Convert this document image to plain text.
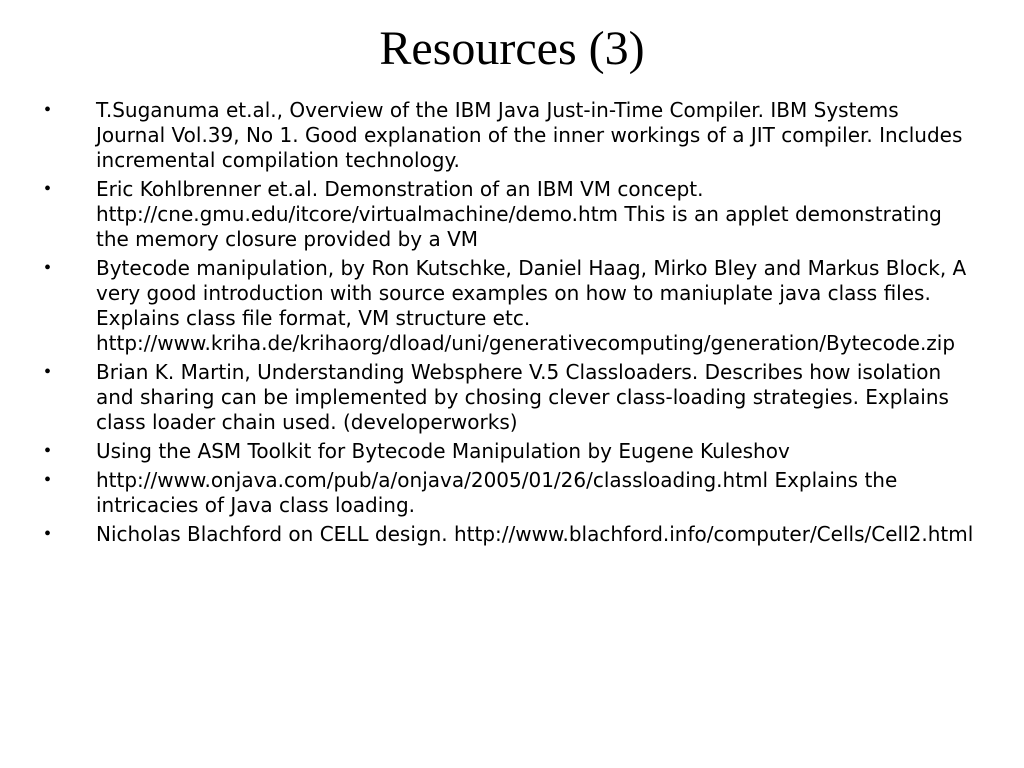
Resources (3)
•	T.Suganuma et.al., Overview of the IBM Java Just-in-Time Compiler. IBM Systems Journal Vol.39, No 1. Good explanation of the inner workings of a JIT compiler. Includes incremental compilation technology.
•	Eric Kohlbrenner et.al. Demonstration of an IBM VM concept. http://cne.gmu.edu/itcore/virtualmachine/demo.htm This is an applet demonstrating the memory closure provided by a VM
•	Bytecode manipulation, by Ron Kutschke, Daniel Haag, Mirko Bley and Markus Block, A very good introduction with source examples on how to maniuplate java class files. Explains class file format, VM structure etc. http://www.kriha.de/krihaorg/dload/uni/generativecomputing/generation/Bytecode.zip
•	Brian K. Martin, Understanding Websphere V.5 Classloaders. Describes how isolation and sharing can be implemented by chosing clever class-loading strategies. Explains class loader chain used. (developerworks)
•	Using the ASM Toolkit for Bytecode Manipulation by Eugene Kuleshov
•	http://www.onjava.com/pub/a/onjava/2005/01/26/classloading.html Explains the intricacies of Java class loading.
•	Nicholas Blachford on CELL design. http://www.blachford.info/computer/Cells/Cell2.html
